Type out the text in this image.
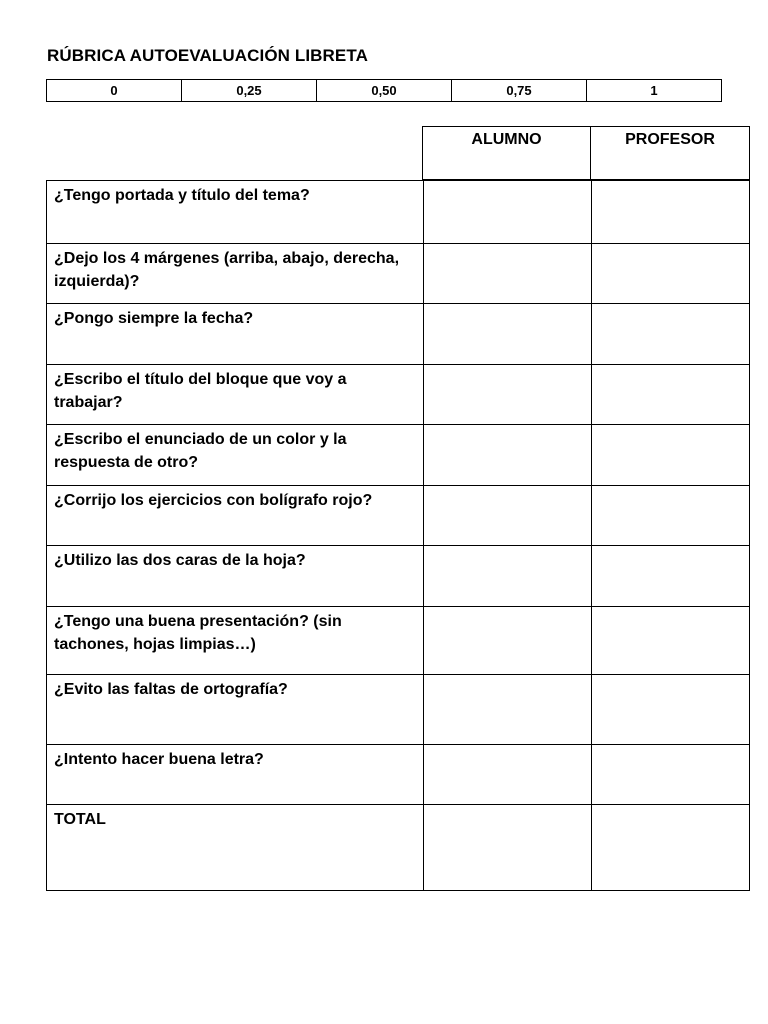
RÚBRICA AUTOEVALUACIÓN LIBRETA
0	0,25	0,50	0,75	1
ALUMNO	PROFESOR
¿Tengo portada y título del tema?		
¿Dejo los 4 márgenes (arriba, abajo, derecha, izquierda)?		
¿Pongo siempre la fecha?		
¿Escribo el título del bloque que voy a trabajar?		
¿Escribo el enunciado de un color y la respuesta de otro?		
¿Corrijo los ejercicios con bolígrafo rojo?		
¿Utilizo las dos caras de la hoja?		
¿Tengo una buena presentación? (sin tachones, hojas limpias…)		
¿Evito las faltas de ortografía?		
¿Intento hacer buena letra?		
TOTAL		
